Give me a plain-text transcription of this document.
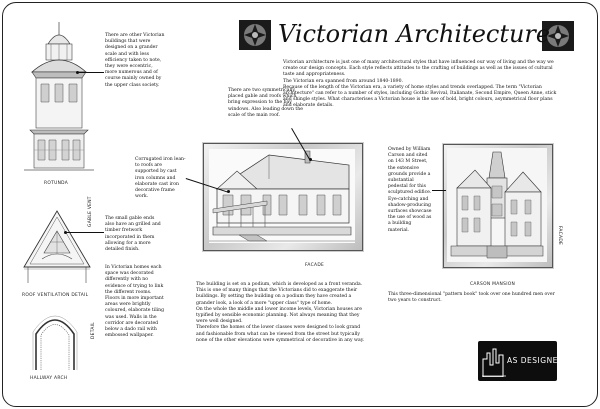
Victorian Architecture
Victorian architecture is just one of many architectural styles that have influenced our way of living and the way we create our design concepts. Each style reflects attitudes to the crafting of buildings as well as the issues of cultural taste and appropriateness.
The Victorian era spanned from around 1840-1890.
Because of the length of the Victorian era, a variety of home styles and trends overlapped. The term "Victorian architecture" can refer to a number of styles, including Gothic Revival, Italianate, Second Empire, Queen Anne, stick and shingle styles. What characterises a Victorian house is the use of bold, bright colours, asymmetrical floor plans and elaborate details.
ROTUNDA
There are other Victorian buildings that were designed on a grander scale and with less efficiency taken to note, they were eccentric, more numerous and of course mainly owned by the upper class society.
ROOF VENTILATION DETAIL
GABLE VENT	The small gable ends also have an grilled and timber fretwork incorporated in them allowing for a more detailed finish.
HALLWAY ARCH
DETAIL
In Victorian homes each space was decorated differently with no evidence of trying to link the different rooms. Floors in more important areas were brightly coloured, elaborate tiling was used. Walls in the corridor are decorated below a dado rail with embossed wallpaper.
There are two symmetrically placed gable and roofs which bring expression to the bay windows. Also leading down the scale of the main roof.
Corrugated iron lean-to roofs are supported by cast iron columns and elaborate cast iron decorative frame work.
FACADE
The building is set on a podium, which is developed as a front veranda. This is one of many things that the Victorians did to exaggerate their buildings. By setting the building on a podium they have created a grander look, a look of a more "upper class" type of home.
On the whole the middle and lower income levels, Victorian houses are typified by sensible economic planning. Not always meaning that they were well designed.
Therefore the homes of the lower classes were designed to look grand and fashionable from what can be viewed from the street but typically none of the other elevations were symmetrical or decorative in any way.
Owned by William Carson and sited on 143 M Street, the extensive grounds provide a substantial pedestal for this sculptured edifice. Eye-catching and shadow-producing surfaces showcase the use of wood as a building material.
CARSON MANSION
FACADE
This three-dimensional "pattern book" took over one hundred men over two years to construct.
AS DESIGNED
